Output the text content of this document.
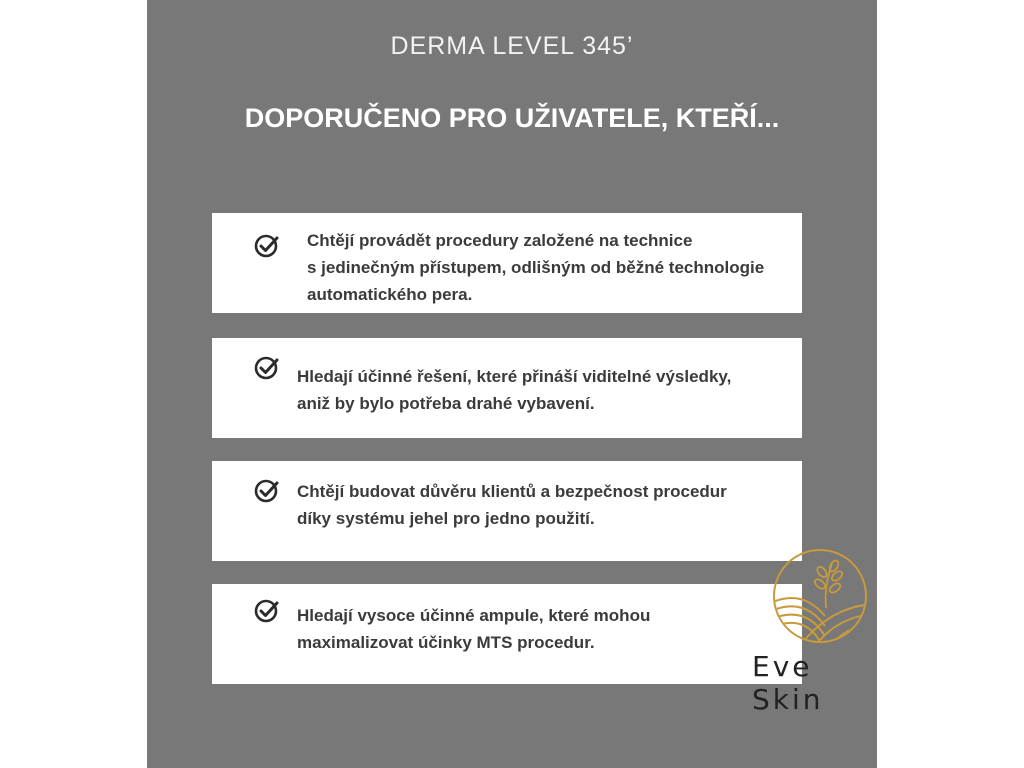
DERMA LEVEL 345’
DOPORUČENO PRO UŽIVATELE, KTEŘÍ...
Chtějí provádět procedury založené na technice
s jedinečným přístupem, odlišným od běžné technologie
automatického pera.
Hledají účinné řešení, které přináší viditelné výsledky,
aniž by bylo potřeba drahé vybavení.
Chtějí budovat důvěru klientů a bezpečnost procedur
díky systému jehel pro jedno použití.
Hledají vysoce účinné ampule, které mohou
maximalizovat účinky MTS procedur.
Eve Skin
